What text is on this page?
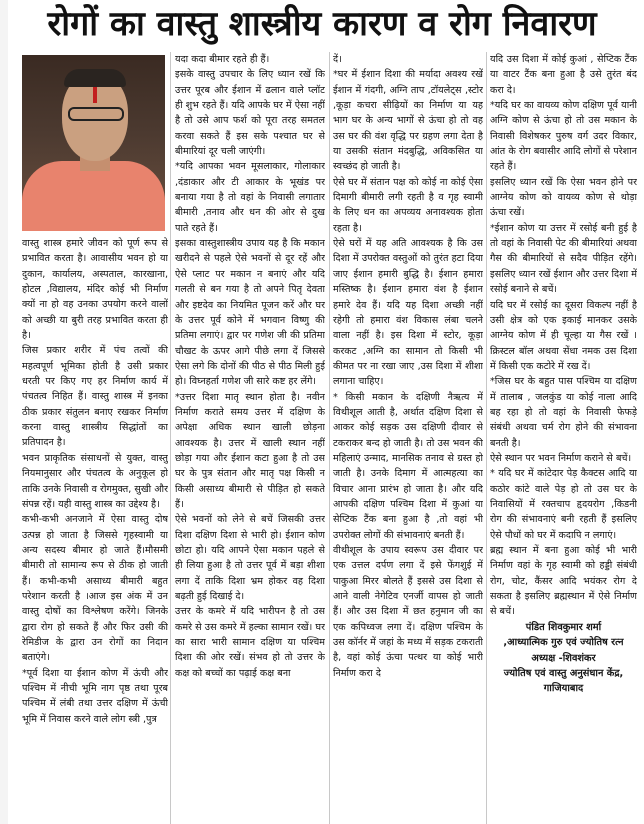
रोगों का वास्तु शास्त्रीय कारण व रोग निवारण

वास्तु शास्त्र हमारे जीवन को पूर्ण रूप से प्रभावित करता है। आवासीय भवन हो या दुकान, कार्यालय, अस्पताल, कारखाना, होटल ,विद्यालय, मंदिर कोई भी निर्माण क्यों ना हो वह उनका उपयोग करने वालों को अच्छी या बुरी तरह प्रभावित करता ही है।

जिस प्रकार शरीर में पंच तत्वों की महत्वपूर्ण भूमिका होती है उसी प्रकार धरती पर किए गए हर निर्माण कार्य में पंचतत्व निहित हैं। वास्तु शास्त्र में इनका ठीक प्रकार संतुलन बनाए रखकर निर्माण करना वास्तु शास्त्रीय सिद्धांतों का प्रतिपादन है।

भवन प्राकृतिक संसाधनों से युक्त, वास्तु नियमानुसार और पंचतत्व के अनुकूल हो ताकि उनके निवासी व रोगमुक्त, सुखी और संपन्न रहें। यही वास्तु शास्त्र का उद्देश्य है।

कभी-कभी अनजाने में ऐसा वास्तु दोष उत्पन्न हो जाता है जिससे गृहस्वामी या अन्य सदस्य बीमार हो जाते हैं।मौसमी बीमारी तो सामान्य रूप से ठीक हो जाती हैं। कभी-कभी असाध्य बीमारी बहुत परेशान करती है ।आज इस अंक में उन वास्तु दोषों का विश्लेषण करेंगे। जिनके द्वारा रोग हो सकते हैं और फिर उसी की रेमिडीज के द्वारा उन रोगों का निदान बताएंगे।

*पूर्व दिशा या ईशान कोण में ऊंची और पश्चिम में नीची भूमि नाग पृष्ठ तथा पूरब पश्चिम में लंबी तथा उत्तर दक्षिण में ऊंची भूमि में निवास करने वाले लोग स्त्री ,पुत्र

यदा कदा बीमार रहते ही हैं।

इसके वास्तु उपचार के लिए ध्यान रखें कि उत्तर पूरब और ईशान में ढलान वाले प्लॉट ही शुभ रहते हैं। यदि आपके घर में ऐसा नहीं है तो उसे आप फर्श को पूरा तरह समतल करवा सकते हैं इस सके पश्चात घर से बीमारियां दूर चली जाएंगी।

*यदि आपका भवन मूसलाकार, गोलाकार ,दंडाकार और टी आकार के भूखंड पर बनाया गया है तो वहां के निवासी लगातार बीमारी ,तनाव और धन की ओर से दुख पाते रहते हैं।

इसका वास्तुशास्त्रीय उपाय यह है कि मकान खरीदने से पहले ऐसे भवनों से दूर रहें और ऐसे प्लाट पर मकान न बनाएं और यदि गलती से बन गया है तो अपने पितृ देवता और इष्टदेव का नियमित पूजन करें और घर के उत्तर पूर्व कोने में भगवान विष्णु की प्रतिमा लगाएं। द्वार पर गणेश जी की प्रतिमा चौखट के ऊपर आगे पीछे लगा दें जिससे ऐसा लगे कि दोनों की पीठ से पीठ मिली हुई हो। विघ्नहर्ता गणेश जी सारे कष्ट हर लेंगे।

*उत्तर दिशा मातृ स्थान होता है। नवीन निर्माण कराते समय उत्तर में दक्षिण के अपेक्षा अधिक स्थान खाली छोड़ना आवश्यक है। उत्तर में खाली स्थान नहीं छोड़ा गया और ईशान कटा हुआ है तो उस घर के पुत्र संतान और मातृ पक्ष किसी न किसी असाध्य बीमारी से पीड़ित हो सकते हैं।

ऐसे भवनों को लेने से बचें जिसकी उत्तर दिशा दक्षिण दिशा से भारी हो। ईशान कोण छोटा हो। यदि आपने ऐसा मकान पहले से ही लिया हुआ है तो उत्तर पूर्व में बड़ा शीशा लगा दें ताकि दिशा भ्रम होकर वह दिशा बढ़ती हुई दिखाई दे।

उत्तर के कमरे में यदि भारीपन है तो उस कमरे से उस कमरे में हल्का सामान रखें। घर का सारा भारी सामान दक्षिण या पश्चिम दिशा की ओर रखें। संभव हो तो उत्तर के कक्ष को बच्चों का पढ़ाई कक्ष बना

दें।

*घर में ईशान दिशा की मर्यादा अवश्य रखें ईशान में गंदगी, अग्नि ताप ,टॉयलेट्स ,स्टोर ,कूड़ा कचरा सीढ़ियों का निर्माण या यह भाग घर के अन्य भागों से ऊंचा हो तो वह उस घर की वंश वृद्धि पर ग्रहण लगा देता है या उसकी संतान मंदबुद्धि, अविकसित या स्वच्छंद हो जाती है।

ऐसे घर में संतान पक्ष को कोई ना कोई ऐसा दिमागी बीमारी लगी रहती है व गृह स्वामी के लिए धन का अपव्यय अनावश्यक होता रहता है।

ऐसे घरों में यह अति आवश्यक है कि उस दिशा में उपरोक्त वस्तुओं को तुरंत हटा दिया जाए ईशान हमारी बुद्धि है। ईशान हमारा मस्तिष्क है। ईशान हमारा वंश है ईशान हमारे देव हैं। यदि यह दिशा अच्छी नहीं रहेगी तो हमारा वंश विकास लंबा चलने वाला नहीं है। इस दिशा में स्टोर, कूड़ा करकट ,अग्नि का सामान तो किसी भी कीमत पर ना रखा जाए ,उस दिशा में शीशा लगाना चाहिए।

* किसी मकान के दक्षिणी नैऋत्य में विथीशूल आती है, अर्थात दक्षिण दिशा से आकर कोई सड़क उस दक्षिणी दीवार से टकराकर बन्द हो जाती है। तो उस भवन की महिलाएं उन्माद, मानसिक तनाव से ग्रस्त हो जाती है। उनके दिमाग में आत्महत्या का विचार आना प्रारंभ हो जाता है। और यदि आपकी दक्षिण पश्चिम दिशा में कुआं या सेप्टिक टैंक बना हुआ है ,तो वहां भी उपरोक्त लोगों की संभावनाएं बनती हैं।

वीथीशूल के उपाय स्वरूप उस दीवार पर एक उत्तल दर्पण लगा दें इसे फेंगशुई में पाकुआ मिरर बोलते हैं इससे उस दिशा से आने वाली नेगेटिव एनर्जी वापस हो जाती हैं। और उस दिशा में छत हनुमान जी का एक कपिध्वज लगा दें। दक्षिण पश्चिम के उस कॉर्नर में जहां के मध्य में सड़क टकराती है, वहां कोई ऊंचा पत्थर या कोई भारी निर्माण करा दे

यदि उस दिशा में कोई कुआं , सेप्टिक टैंक या वाटर टैंक बना हुआ है उसे तुरंत बंद करा दे।

*यदि घर का वायव्य कोण दक्षिण पूर्व यानी अग्नि कोण से ऊंचा हो तो उस मकान के निवासी विशेषकर पुरुष वर्ग उदर विकार, आंत के रोग बवासीर आदि लोगों से परेशान रहते हैं।

इसलिए ध्यान रखें कि ऐसा भवन होने पर आग्नेय कोण को वायव्य कोण से थोड़ा ऊंचा रखें।

*ईशान कोण या उत्तर में रसोई बनी हुई है तो वहां के निवासी पेट की बीमारियां अथवा गैस की बीमारियों से सदैव पीड़ित रहेंगे। इसलिए ध्यान रखें ईशान और उत्तर दिशा में रसोई बनाने से बचें।

यदि घर में रसोई का दूसरा विकल्प नहीं है उसी क्षेत्र को एक इकाई मानकर उसके आग्नेय कोण में ही चूल्हा या गैस रखें ।क्रिस्टल बॉल अथवा सेंधा नमक उस दिशा में किसी एक कटोरे में रख दें।

*जिस घर के बहुत पास पश्चिम या दक्षिण में तालाब , जलकुंड या कोई नाला आदि बह रहा हो तो वहां के निवासी फेफड़े संबंधी अथवा चर्म रोग होने की संभावना बनती है।

ऐसे स्थान पर भवन निर्माण कराने से बचें।

* यदि घर में कांटेदार पेड़ कैक्टस आदि या कठोर कांटे वाले पेड़ हो तो उस घर के निवासियों में रक्तचाप हृदयरोग ,किडनी रोग की संभावनाएं बनी रहती हैं इसलिए ऐसे पौधों को घर में कदापि न लगाएं।

ब्रह्म स्थान में बना हुआ कोई भी भारी निर्माण वहां के गृह स्वामी को हड्डी संबंधी रोग, चोट, कैंसर आदि भयंकर रोग दे सकता है इसलिए ब्रह्मस्थान में ऐसे निर्माण से बचें।

पंडित शिवकुमार शर्मा

,आध्यात्मिक गुरु एवं ज्योतिष रत्न

अध्यक्ष -शिवशंकर

ज्योतिष एवं वास्तु अनुसंधान केंद्र, गाजियाबाद
